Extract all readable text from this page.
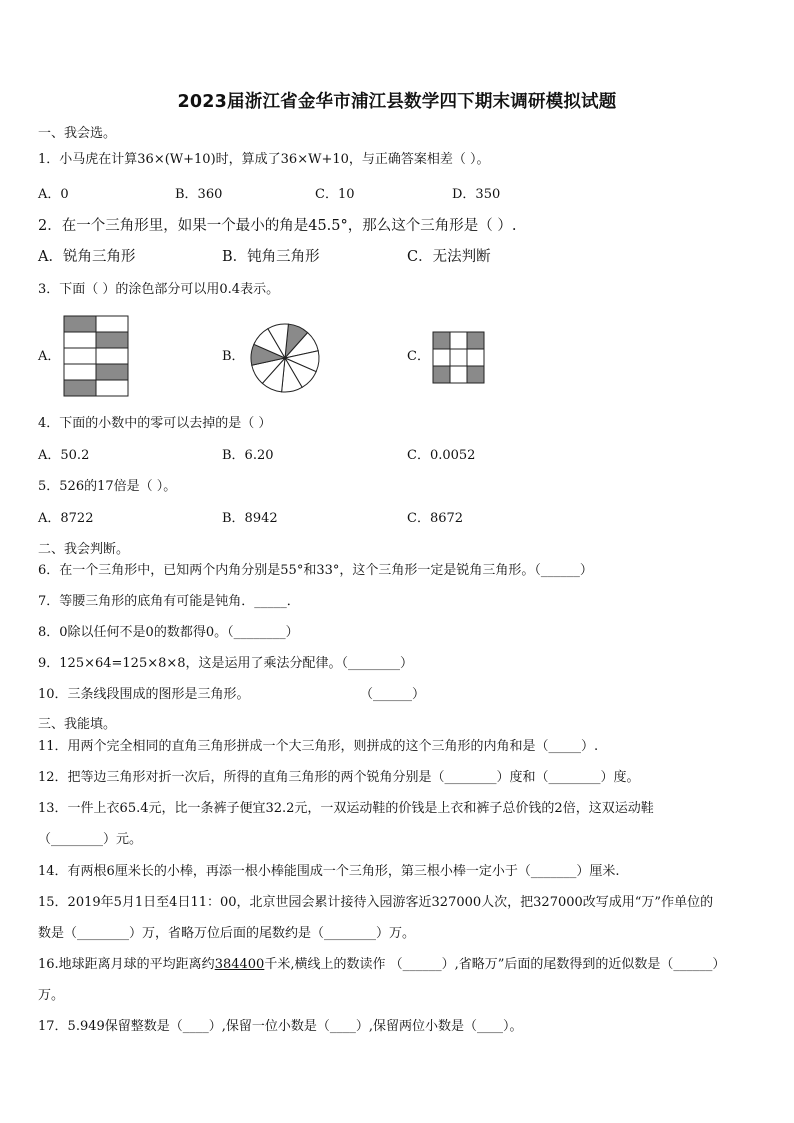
2023届浙江省金华市浦江县数学四下期末调研模拟试题
一、我会选。
1．小马虎在计算36×(W+10)时，算成了36×W+10，与正确答案相差（ ）。
A．0	B．360	C．10	D．350
2．在一个三角形里，如果一个最小的角是45.5°，那么这个三角形是（ ）.
A．锐角三角形	B．钝角三角形	C．无法判断
3．下面（ ）的涂色部分可以用0.4表示。
A．	B．	C．
4．下面的小数中的零可以去掉的是（ ）
A．50.2	B．6.20	C．0.0052
5．526的17倍是（ ）。
A．8722	B．8942	C．8672
二、我会判断。
6．在一个三角形中，已知两个内角分别是55°和33°，这个三角形一定是锐角三角形。（______）
7．等腰三角形的底角有可能是钝角．_____．
8．0除以任何不是0的数都得0。（________）
9．125×64=125×8×8，这是运用了乘法分配律。（________）
10．三条线段围成的图形是三角形。	（______）
三、我能填。
11．用两个完全相同的直角三角形拼成一个大三角形，则拼成的这个三角形的内角和是（_____）.
12．把等边三角形对折一次后，所得的直角三角形的两个锐角分别是（________）度和（________）度。
13．一件上衣65.4元，比一条裤子便宜32.2元，一双运动鞋的价钱是上衣和裤子总价钱的2倍，这双运动鞋
（________）元。
14．有两根6厘米长的小棒，再添一根小棒能围成一个三角形，第三根小棒一定小于（_______）厘米.
15．2019年5月1日至4日11：00，北京世园会累计接待入园游客近327000人次，把327000改写成用“万”作单位的
数是（________）万，省略万位后面的尾数约是（________）万。
16.地球距离月球的平均距离约384400千米,横线上的数读作 （______）,省略万”后面的尾数得到的近似数是（______）
万。
17．5.949保留整数是（____）,保留一位小数是（____）,保留两位小数是（____）。
